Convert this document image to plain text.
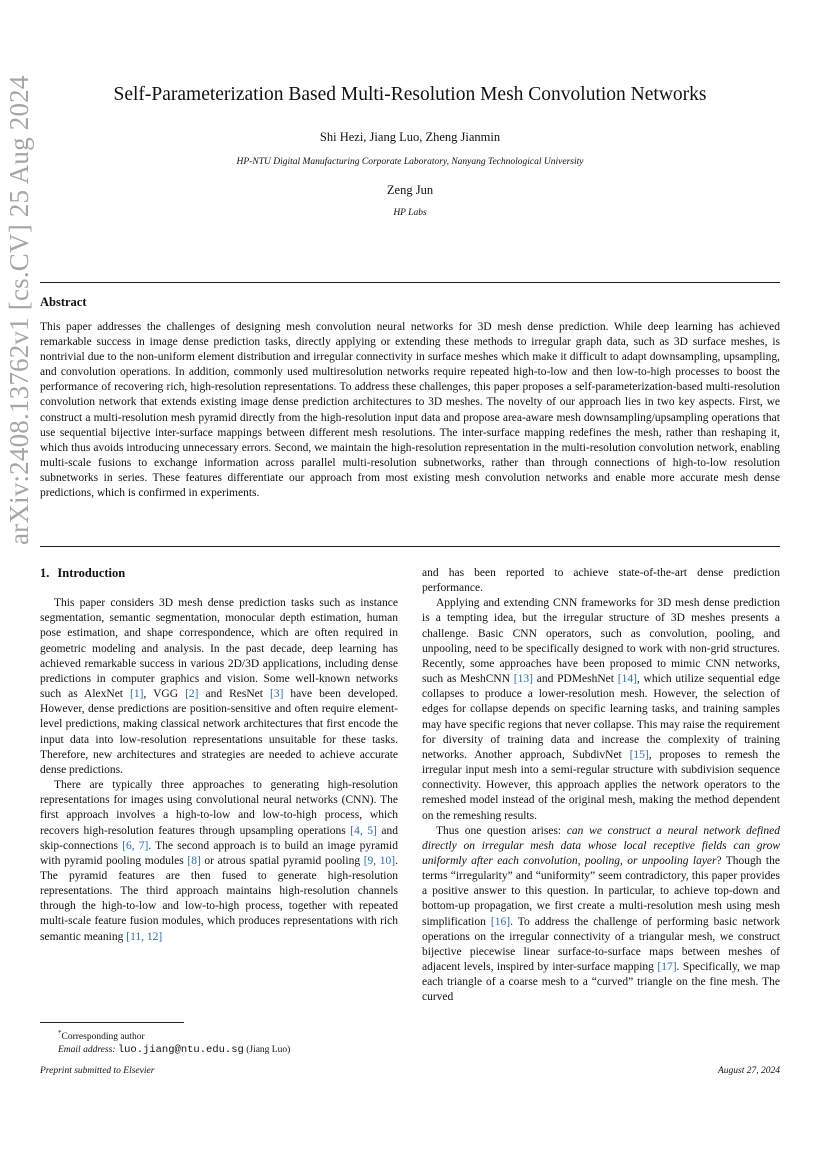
arXiv:2408.13762v1 [cs.CV] 25 Aug 2024	Self-Parameterization Based Multi-Resolution Mesh Convolution Networks
Shi Hezi, Jiang Luo, Zheng Jianmin
HP-NTU Digital Manufacturing Corporate Laboratory, Nanyang Technological University
Zeng Jun
HP Labs
Abstract
This paper addresses the challenges of designing mesh convolution neural networks for 3D mesh dense prediction. While deep learning has achieved remarkable success in image dense prediction tasks, directly applying or extending these methods to irregular graph data, such as 3D surface meshes, is nontrivial due to the non-uniform element distribution and irregular connectivity in surface meshes which make it difficult to adapt downsampling, upsampling, and convolution operations. In addition, commonly used multiresolution networks require repeated high-to-low and then low-to-high processes to boost the performance of recovering rich, high-resolution representations. To address these challenges, this paper proposes a self-parameterization-based multi-resolution convolution network that extends existing image dense prediction architectures to 3D meshes. The novelty of our approach lies in two key aspects. First, we construct a multi-resolution mesh pyramid directly from the high-resolution input data and propose area-aware mesh downsampling/upsampling operations that use sequential bijective inter-surface mappings between different mesh resolutions. The inter-surface mapping redefines the mesh, rather than reshaping it, which thus avoids introducing unnecessary errors. Second, we maintain the high-resolution representation in the multi-resolution convolution network, enabling multi-scale fusions to exchange information across parallel multi-resolution subnetworks, rather than through connections of high-to-low resolution subnetworks in series. These features differentiate our approach from most existing mesh convolution networks and enable more accurate mesh dense predictions, which is confirmed in experiments.
1. Introduction

This paper considers 3D mesh dense prediction tasks such as instance segmentation, semantic segmentation, monocular depth estimation, human pose estimation, and shape correspondence, which are often required in geometric modeling and analysis. In the past decade, deep learning has achieved remarkable success in various 2D/3D applications, including dense predictions in computer graphics and vision. Some well-known networks such as AlexNet [1], VGG [2] and ResNet [3] have been developed. However, dense predictions are position-sensitive and often require element-level predictions, making classical network architectures that first encode the input data into low-resolution representations unsuitable for these tasks. Therefore, new architectures and strategies are needed to achieve accurate dense predictions.

There are typically three approaches to generating high-resolution representations for images using convolutional neural networks (CNN). The first approach involves a high-to-low and low-to-high process, which recovers high-resolution features through upsampling operations [4, 5] and skip-connections [6, 7]. The second approach is to build an image pyramid with pyramid pooling modules [8] or atrous spatial pyramid pooling [9, 10]. The pyramid features are then fused to generate high-resolution representations. The third approach maintains high-resolution channels through the high-to-low and low-to-high process, together with repeated multi-scale feature fusion modules, which produces representations with rich semantic meaning [11, 12]

and has been reported to achieve state-of-the-art dense prediction performance.

Applying and extending CNN frameworks for 3D mesh dense prediction is a tempting idea, but the irregular structure of 3D meshes presents a challenge. Basic CNN operators, such as convolution, pooling, and unpooling, need to be specifically designed to work with non-grid structures. Recently, some approaches have been proposed to mimic CNN networks, such as MeshCNN [13] and PDMeshNet [14], which utilize sequential edge collapses to produce a lower-resolution mesh. However, the selection of edges for collapse depends on specific learning tasks, and training samples may have specific regions that never collapse. This may raise the requirement for diversity of training data and increase the complexity of training networks. Another approach, SubdivNet [15], proposes to remesh the irregular input mesh into a semi-regular structure with subdivision sequence connectivity. However, this approach applies the network operators to the remeshed model instead of the original mesh, making the method dependent on the remeshing results.

Thus one question arises: can we construct a neural network defined directly on irregular mesh data whose local receptive fields can grow uniformly after each convolution, pooling, or unpooling layer? Though the terms “irregularity” and “uniformity” seem contradictory, this paper provides a positive answer to this question. In particular, to achieve top-down and bottom-up propagation, we first create a multi-resolution mesh using mesh simplification [16]. To address the challenge of performing basic network operations on the irregular connectivity of a triangular mesh, we construct bijective piecewise linear surface-to-surface maps between meshes of adjacent levels, inspired by inter-surface mapping [17]. Specifically, we map each triangle of a coarse mesh to a “curved” triangle on the fine mesh. The curved

*Corresponding author
Email address: luo.jiang@ntu.edu.sg (Jiang Luo)
Preprint submitted to Elsevier	August 27, 2024
